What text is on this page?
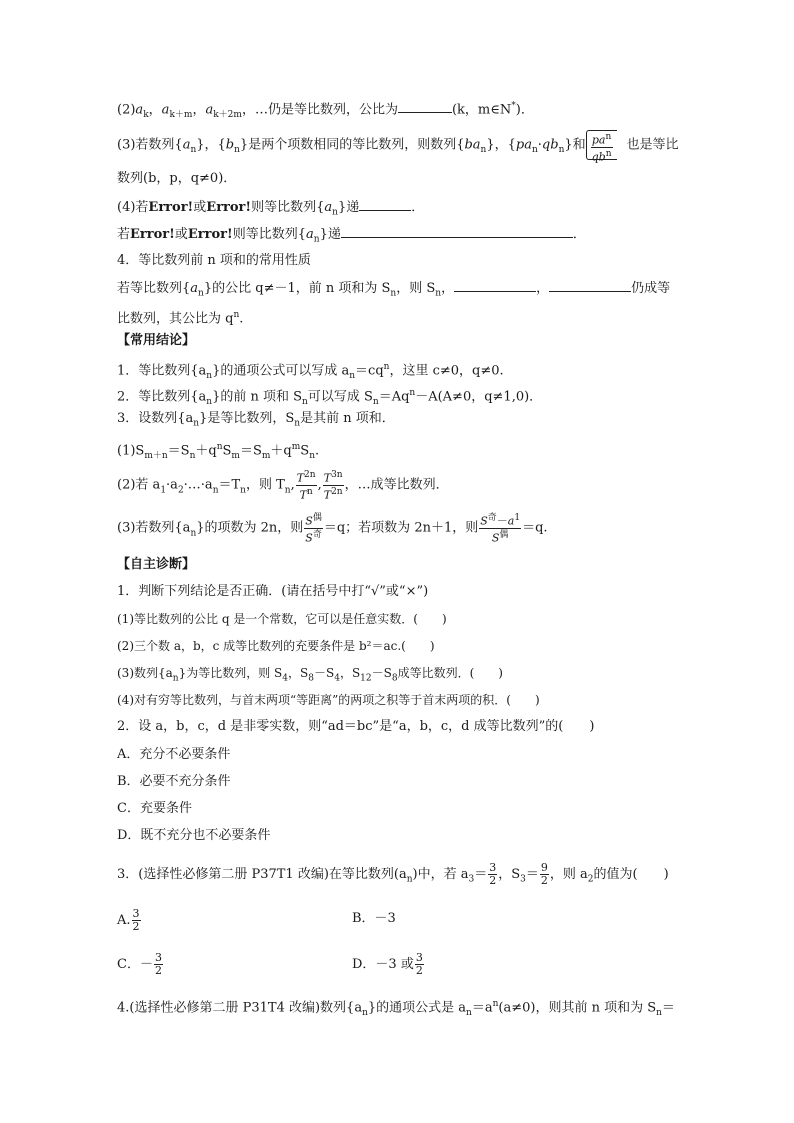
$(2)a_k$，$a_{k+m}$，$a_{k+2m}$，…仍是等比数列，公比为	(k，m∈N*)．
(3)若数列$\{a_n\}$，$\{b_n\}$是两个项数相同的等比数列，则数列$\{ba_n\}$，$\{pa_n\cdot qb_n\}$和 $\frac{pa^n}{qb^n}$ 也是等比
数列(b，p，q≠0)．
(4)若Error!或Error!则等比数列$\{a_n\}$递	．
若Error!或Error!则等比数列$\{a_n\}$递	．
4．等比数列前 n 项和的常用性质
若等比数列$\{a_n\}$的公比 q≠－1，前 n 项和为 $S_n$，则 $S_n$，	，	仍成等
比数列，其公比为 $q^n$.
【常用结论】
1．等比数列$\{a_n\}$的通项公式可以写成 $a_n=cq^n$，这里 c≠0，q≠0.
2．等比数列$\{a_n\}$的前 n 项和 $S_n$可以写成 $S_n=Aq^n-A(A\ne 0$，q≠1,0)．
3．设数列$\{a_n\}$是等比数列，$S_n$是其前 n 项和．
$(1)S_{m+n}=S_n+q^nS_m=S_m+q^mS_n$.
(2)若 $a_1\cdot a_2\cdot\dots\cdot a_n=T_n$，则 $T_n$, $\frac{T^{2n}}{T^n}$ , $\frac{T^{3n}}{T^{2n}}$ ，…成等比数列．
(3)若数列$\{a_n\}$的项数为 2n，则 $\frac{S^偶}{S^奇} =q$；若项数为 2n＋1，则 $\frac{S^奇-a^1}{S^偶} =q$.
【自主诊断】
1．判断下列结论是否正确．(请在括号中打“√”或“×”)
(1)等比数列的公比 q 是一个常数，它可以是任意实数．(　　)
(2)三个数 a，b，c 成等比数列的充要条件是 b²＝ac.(　　)
(3)数列$\{a_n\}$为等比数列，则 $S_4$，$S_8-S_4$，$S_{12}-S_8$成等比数列．(　　)
(4)对有穷等比数列，与首末两项“等距离”的两项之积等于首末两项的积．(　　)
2．设 a，b，c，d 是非零实数，则“ad＝bc”是“a，b，c，d 成等比数列”的(　　)
A．充分不必要条件
B．必要不充分条件
C．充要条件
D．既不充分也不必要条件
3．(选择性必修第二册 P37T1 改编)在等比数列$(a_n)$中，若 $a_3= \frac{3}{2}$ ，$S_3= \frac{9}{2}$ ，则 $a_2$的值为(　　)
A. $\frac{3}{2}$	B．－3
C．－ $\frac{3}{2}$	D．－3 或 $\frac{3}{2}$
4.(选择性必修第二册 P31T4 改编)数列$\{a_n\}$的通项公式是 $a_n=a^n(a\ne 0)$，则其前 n 项和为 $S_n=$
